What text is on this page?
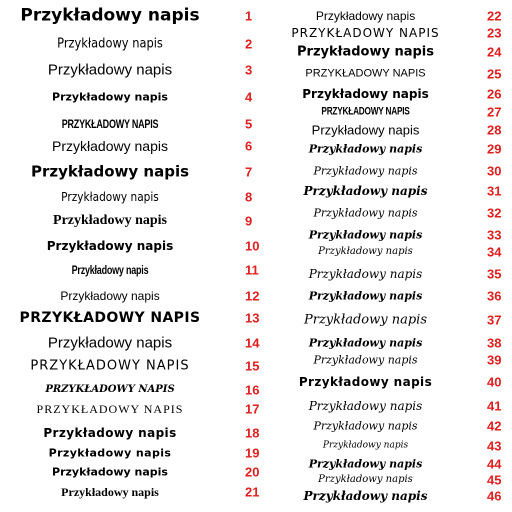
Przykładowy napis	1
Przykładowy napis	2
Przykładowy napis	3
Przykładowy napis	4
PRZYKŁADOWY NAPIS	5
Przykładowy napis	6
Przykładowy napis	7
Przykładowy napis	8
Przykładowy napis	9
Przykładowy napis	10
Przykładowy napis	11
Przykładowy napis	12
PRZYKŁADOWY NAPIS	13
Przykładowy napis	14
PRZYKŁADOWY NAPIS	15
PRZYKŁADOWY NAPIS	16
PRZYKŁADOWY NAPIS	17
Przykładowy napis	18
Przykładowy napis	19
Przykładowy napis	20
Przykładowy napis	21
Przykładowy napis	22
PRZYKŁADOWY NAPIS	23
Przykładowy napis	24
PRZYKŁADOWY NAPIS	25
Przykładowy napis	26
PRZYKŁADOWY NAPIS	27
Przykładowy napis	28
Przykładowy napis	29
Przykładowy napis	30
Przykładowy napis	31
Przykładowy napis	32
Przykładowy napis	33
Przykładowy napis	34
Przykładowy napis	35
Przykładowy napis	36
Przykładowy napis	37
Przykładowy napis	38
Przykładowy napis	39
Przykładowy napis	40
Przykładowy napis	41
Przykładowy napis	42
Przykładowy napis	43
Przykładowy napis	44
Przykładowy napis	45
Przykładowy napis	46
